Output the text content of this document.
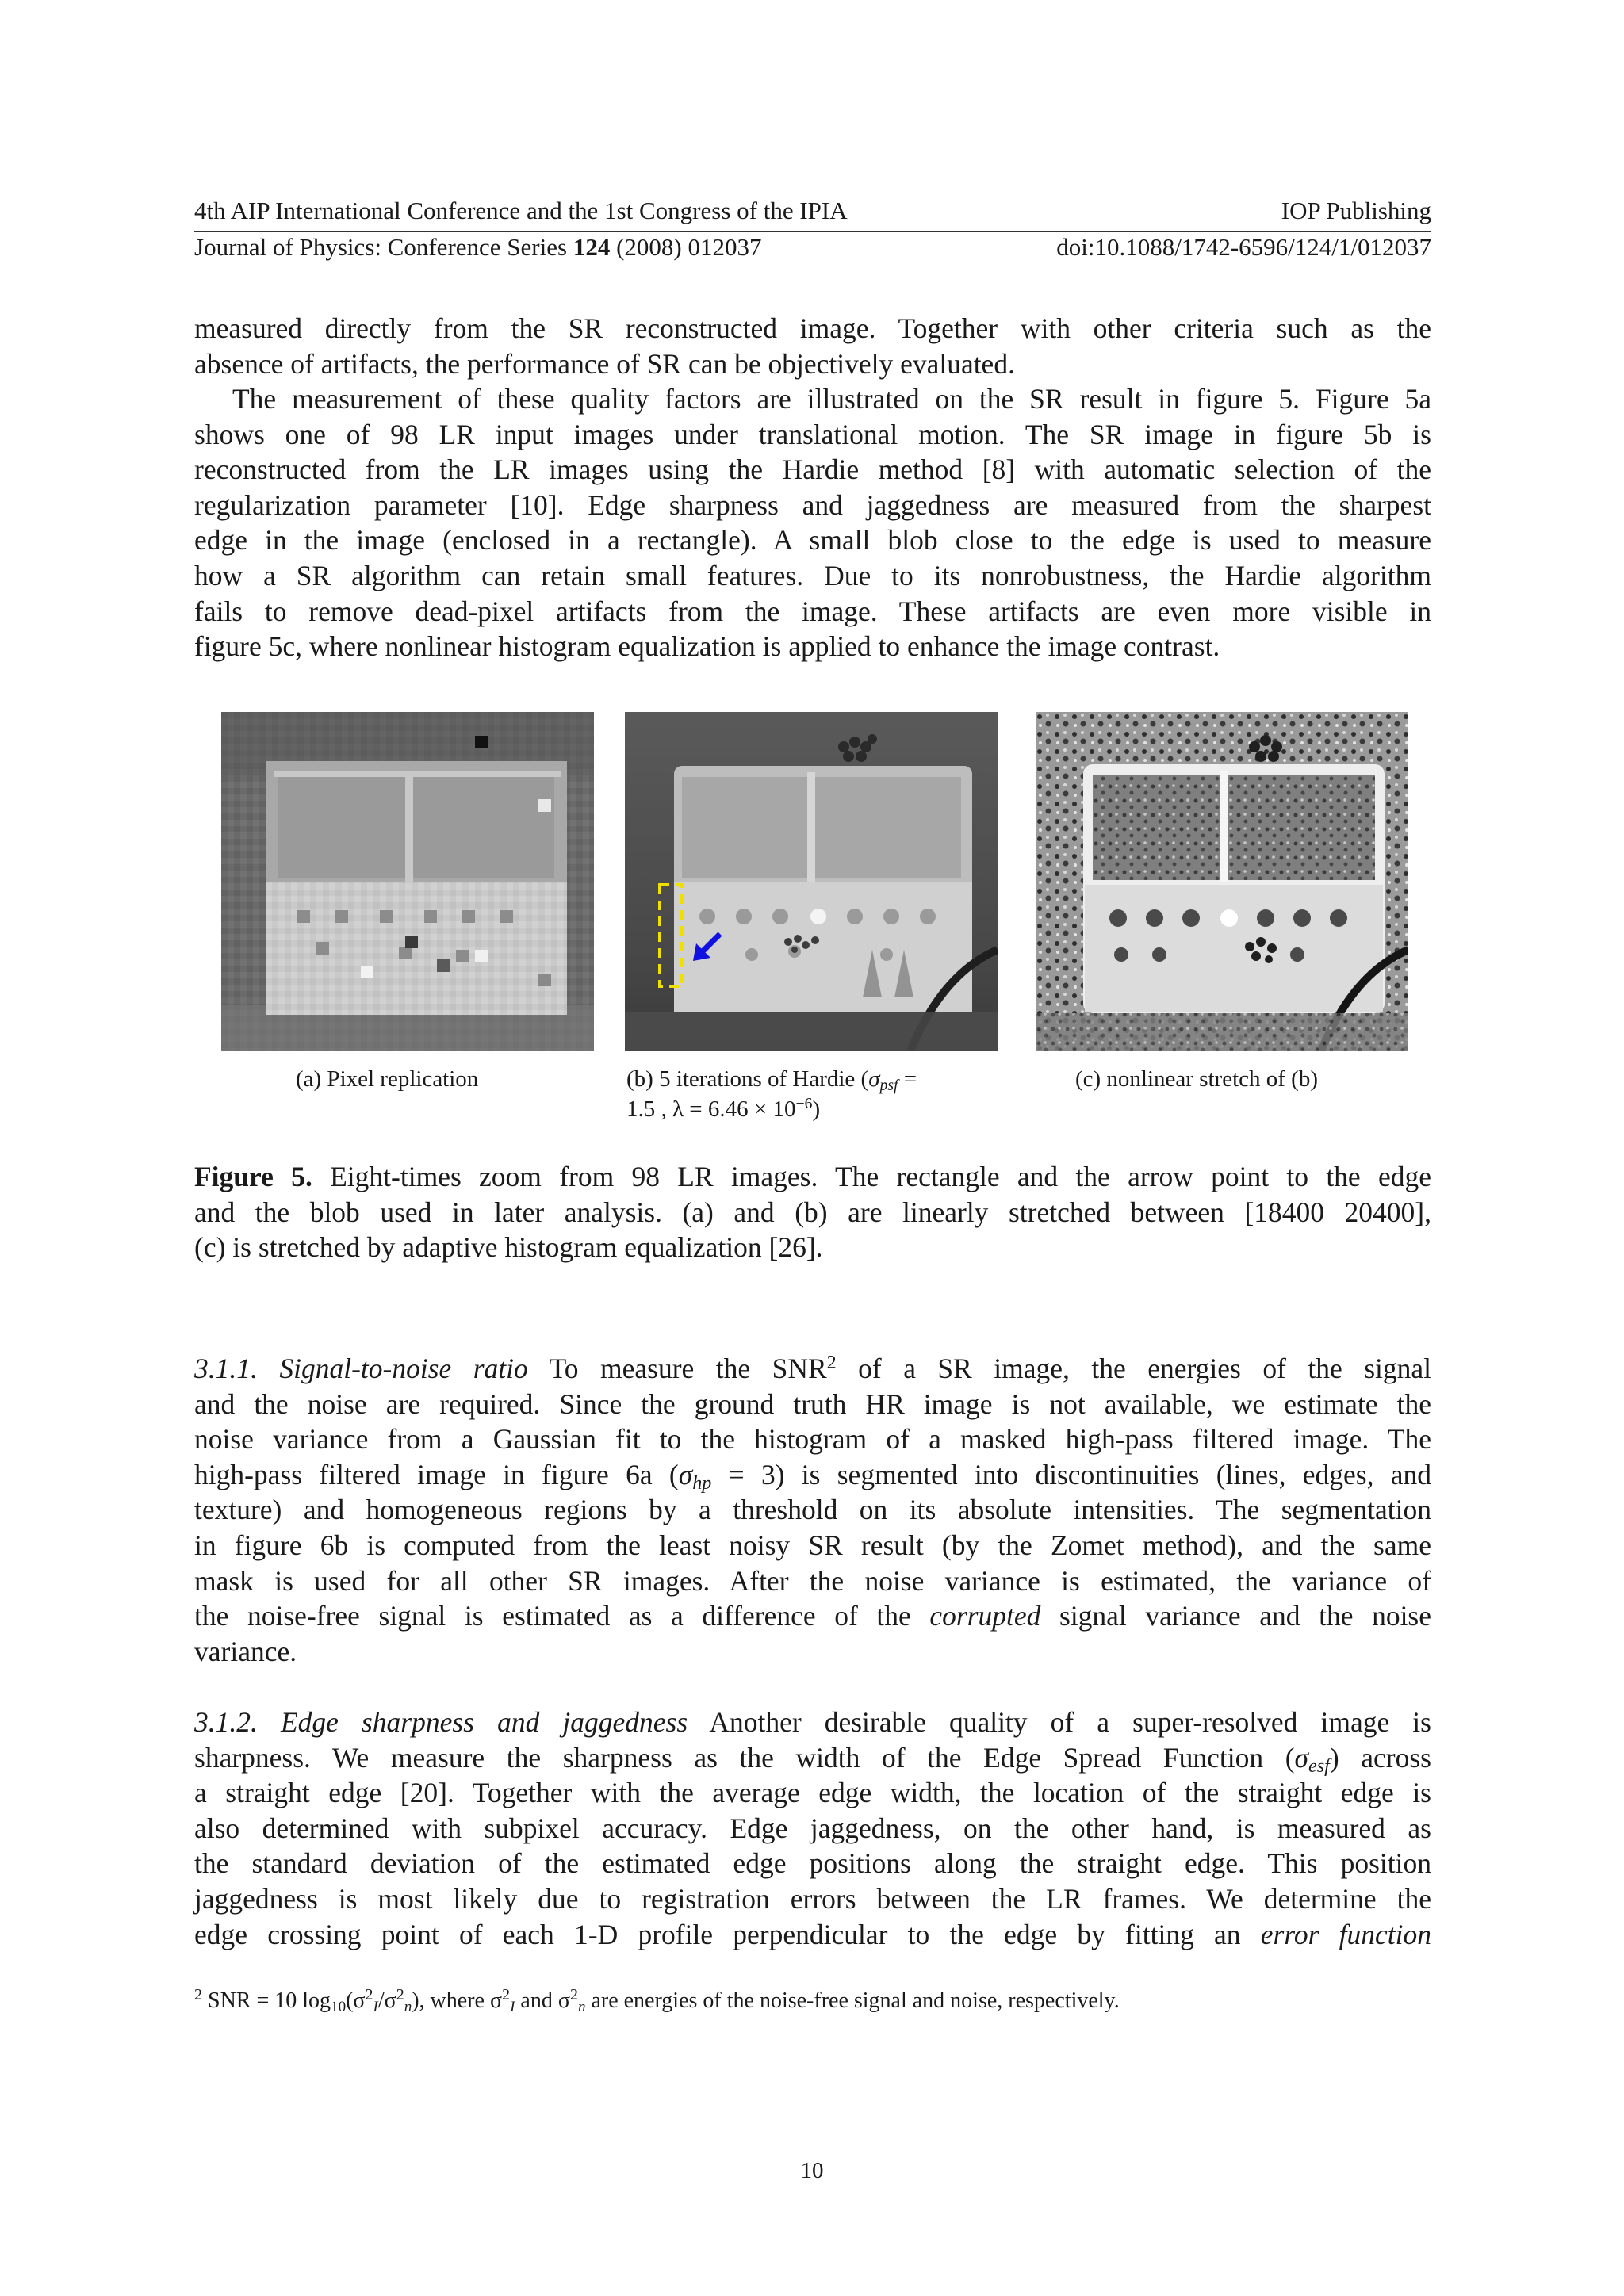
4th AIP International Conference and the 1st Congress of the IPIA	IOP Publishing
Journal of Physics: Conference Series 124 (2008) 012037	doi:10.1088/1742-6596/124/1/012037
measured directly from the SR reconstructed image. Together with other criteria such as the
absence of artifacts, the performance of SR can be objectively evaluated.
The measurement of these quality factors are illustrated on the SR result in figure 5. Figure 5a
shows one of 98 LR input images under translational motion. The SR image in figure 5b is
reconstructed from the LR images using the Hardie method [8] with automatic selection of the
regularization parameter [10]. Edge sharpness and jaggedness are measured from the sharpest
edge in the image (enclosed in a rectangle). A small blob close to the edge is used to measure
how a SR algorithm can retain small features. Due to its nonrobustness, the Hardie algorithm
fails to remove dead-pixel artifacts from the image. These artifacts are even more visible in
figure 5c, where nonlinear histogram equalization is applied to enhance the image contrast.
(a) Pixel replication	(b) 5 iterations of Hardie ($\sigma_{psf}$ =
1.5 , $\lambda = 6.46 \times 10^{-6}$)
(c) nonlinear stretch of (b)
Figure 5. Eight-times zoom from 98 LR images. The rectangle and the arrow point to the edge
and the blob used in later analysis. (a) and (b) are linearly stretched between [18400 20400],
(c) is stretched by adaptive histogram equalization [26].
3.1.1. Signal-to-noise ratio To measure the SNR$^2$ of a SR image, the energies of the signal
and the noise are required. Since the ground truth HR image is not available, we estimate the
noise variance from a Gaussian fit to the histogram of a masked high-pass filtered image. The
high-pass filtered image in figure 6a $(\sigma_{hp} = 3)$ is segmented into discontinuities (lines, edges, and
texture) and homogeneous regions by a threshold on its absolute intensities. The segmentation
in figure 6b is computed from the least noisy SR result (by the Zomet method), and the same
mask is used for all other SR images. After the noise variance is estimated, the variance of
the noise-free signal is estimated as a difference of the corrupted signal variance and the noise
variance.
3.1.2. Edge sharpness and jaggedness Another desirable quality of a super-resolved image is
sharpness. We measure the sharpness as the width of the Edge Spread Function $(\sigma_{esf})$ across
a straight edge [20]. Together with the average edge width, the location of the straight edge is
also determined with subpixel accuracy. Edge jaggedness, on the other hand, is measured as
the standard deviation of the estimated edge positions along the straight edge. This position
jaggedness is most likely due to registration errors between the LR frames. We determine the
edge crossing point of each 1-D profile perpendicular to the edge by fitting an error function
$^2$ SNR = 10 $\log_{10}(\sigma^2_I/\sigma^2_n)$, where $\sigma^2_I$ and $\sigma^2_n$ are energies of the noise-free signal and noise, respectively.
10
